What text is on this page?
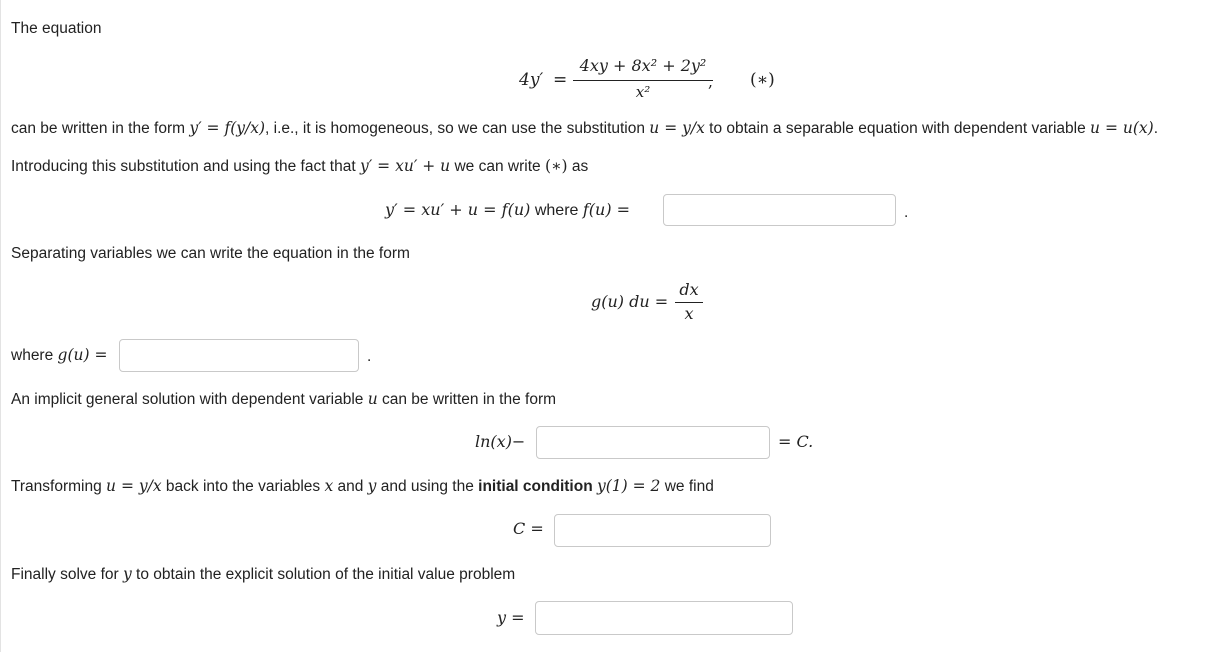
The equation
4y′ =
4xy + 8x² + 2y²
x²
, (∗)
can be written in the form y′ = f(y/x), i.e., it is homogeneous, so we can use the substitution u = y/x to obtain a separable equation with dependent variable u = u(x).
Introducing this substitution and using the fact that y′ = xu′ + u we can write (∗) as
y′ = xu′ + u = f(u) where f(u) =	.
Separating variables we can write the equation in the form
g(u) du =
dx
x
where g(u) =	.
An implicit general solution with dependent variable u can be written in the form
ln(x)−	= C.
Transforming u = y/x back into the variables x and y and using the initial condition y(1) = 2 we find
C =
Finally solve for y to obtain the explicit solution of the initial value problem
y =
